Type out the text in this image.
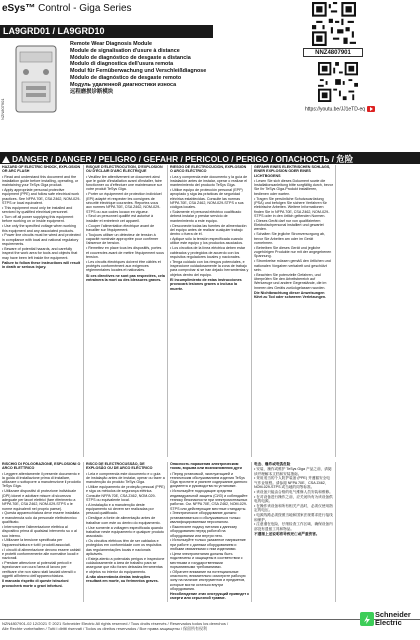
eSys™ Control - Giga Series
NZN807901
LA9GRD01 / LA9GRD10
Remote Wear Diagnosis Module
Module de signalisation d'usure à distance
Módulo de diagnóstico de desgaste a distancia
Modulo di diagnostica dell'usura remota
Modul für Fernüberwachung und Verschleißdiagnose
Módulo de diagnóstico de desgaste remoto
Модуль удаленной диагностики износа
远程磨损诊断模块
NNZ4807901
https://youtu.be/JJ1eTD-eq
DANGER / DANGER / PELIGRO / GEFAHR / PERICOLO / PERIGO / ОПАСНОСТЬ / 危险
HAZARD OF ELECTRIC SHOCK, EXPLOSION OR ARC FLASH

• Read and understand this document and the installation guide before installing, operating, or maintaining your TeSys Giga product.

• Apply appropriate personal protective equipment (PPE) and follow safe electrical work practices. See NFPA 70E, CSA Z462, NOM-029-STPS or local equivalent.

• This equipment must only be installed and serviced by qualified electrical personnel.

• Turn off all power supplying this equipment before working on or inside equipment.

• Use only the specified voltage when working this equipment and any associated products.

• Power line circuits must be wired and protected in compliance with local and national regulatory requirements.

• Beware of potential hazards, and carefully inspect the work area for tools and objects that may have been left inside the equipment.

Failure to follow these instructions will result in death or serious injury.
RISQUE D'ÉLECTROCUTION, D'EXPLOSION OU D'ÉCLAIR D'ARC ÉLECTRIQUE

• Veuillez lire attentivement ce document ainsi que le guide d'installation avant d'installer, faire fonctionner ou d'effectuer une maintenance sur votre produit TeSys Giga.

• Porter un équipement de protection individuel (EPI) adapté et respecter les consignes de sécurité électrique courantes. Reportez-vous aux normes NFPA 70E, CSA Z462, NOM-029-STPS ou aux codes locaux en vigueur.

• Seul un personnel qualifié est autorisé à installer et entretenir cet appareil.

• Couper l'alimentation électrique avant de travailler sur l'équipement.

• Toujours utiliser un détecteur de tension à capacité nominale appropriée pour confirmer l'absence de tension.

• Remettez en place tous les dispositifs, portes et couvercles avant de mettre l'équipement sous tension.

• Les circuits électriques doivent être câblés et protégés conformément aux exigences réglementaires locales et nationales.

Si ces directives ne sont pas respectées, cela entraînera la mort ou des blessures graves.
RIESGO DE ELECTROCUCIÓN, EXPLOSIÓN O ARCO ELÉCTRICO

• Lea y comprenda este documento y la guía de instalación antes de instalar, operar o realizar el mantenimiento del producto TeSys Giga.

• Utilice equipo de protección personal (EPP) apropiado y siga las prácticas de seguridad eléctrica establecidas. Consulte las normas NFPA 70E, CSA Z462, NOM-029-STPS o sus códigos locales.

• Solamente el personal eléctrico cualificado deberá instalar y prestar servicio de mantenimiento a este equipo.

• Desconecte todas las fuentes de alimentación del equipo antes de realizar cualquier trabajo dentro o fuera de él.

• Aplique sólo la tensión especificada cuando utilice este equipo y los productos asociados.

• Los circuitos de la línea eléctrica deben estar cableados y protegidos de acuerdo con los requisitos reguladores locales y nacionales.

• Tenga cuidado con los riesgos potenciales, e inspeccione cuidadosamente la zona de trabajo para comprobar si se han dejado herramientas y objetos dentro del equipo.

El incumplimiento de estas instrucciones provocará lesiones graves o incluso la muerte.
GEFAHR EINES ELEKTRISCHEN SCHLAGS, EINER EXPLOSION ODER EINES LICHTBOGENS

• Lesen Sie sich dieses Dokument sowie die Installationsanleitung bitte sorgfältig durch, bevor Sie Ihr TeSys Giga-Produkt installieren, bedienen oder warten.

• Tragen Sie persönliche Schutzausrüstung (PSA) und befolgen Sie sichere Verfahren für elektrische Arbeiten. Weitere Informationen finden Sie in NFPA 70E, CSA Z462, NOM-029-STPS oder in den örtlich geltenden Normen.

• Dieses Gerät darf nur von qualifiziertem Elektrofachpersonal installiert und gewartet werden.

• Schalten Sie jegliche Stromversorgung ab, bevor Sie Arbeiten am oder im Gerät vornehmen.

• Betreiben Sie dieses Gerät und jegliche zugehörigen Produkte nur mit der angegebenen Spannung.

• Stromkreise müssen gemäß den örtlichen und nationalen Vorgaben verkabelt und geschützt sein.

• Beachten Sie potenzielle Gefahren, und überprüfen Sie den Arbeitsbereich auf Werkzeuge und andere Gegenstände, die im Inneren des Geräts zurückgelassen wurden.

Die Nichtbeachtung dieser Anweisungen führt zu Tod oder schweren Verletzungen.
RISCHIO DI FOLGORAZIONE, ESPLOSIONI O ARCO ELETTRICO

• Leggere attentamente il presente documento e la guida di installazione prima di installare, utilizzare o sottoporre a manutenzione il prodotto TeSys Giga.

• Utilizzare dispositivi di protezione individuale (DPI) idonei e adottare misure di sicurezza adeguate per lavori elettrici (fare riferimento a NFPA 70E, CSA Z462, NOM-029-STPS o le norme equivalenti nel proprio paese).

• Questa apparecchiatura deve essere installata e manutenuta solo da personale elettrotecnico qualificato.

• Interrompere l'alimentazione elettrica al dispositivo prima di qualsiasi intervento su o al suo interno.

• Utilizzare la tensione specificata per l'apparecchiatura e tutti i prodotti associati.

• I circuiti di alimentazione devono essere cablati e protetti conformemente alle normative locali e nazionali.

• Prestare attenzione ai potenziali pericoli e ispezionare con cura l'area di lavoro per verificare che non siano stati lasciati utensili o oggetti all'interno dell'apparecchiatura.

Il mancato rispetto di queste istruzioni provocherà morte o gravi infortuni.
RISCO DE ELECTROCUSSÃO, DE EXPLOSÃO OU DE ARCO ELÉCTRICO

• Leia e compreenda este documento e o guia de instalação antes de instalar, operar ou fazer a manutenção do produto TeSys Giga.

• Utilize equipamento de proteção pessoal (PPE) e siga os métodos de segurança elétrica. Consulte NFPA 70E, CSA Z462, NOM-029-STPS ou equivalente local.

• A instalação e a manutenção deste equipamento só devem ser realizadas por pessoal qualificado.

• Desligue a fonte de alimentação antes de trabalhar com este ou dentro do equipamento.

• Use somente a voltagem especificada quando trabalhar neste equipamento e qualquer produto associado.

• Os circuitos elétricos têm de ser cablados e protegidos em conformidade com os requisitos das regulamentações locais e nacionais aplicáveis.

• Esteja atento a potenciais perigos e inspecione cuidadosamente a área de trabalho para se assegurar que não foram deixadas ferramentas e objetos no interior do equipamento.

A não observância destas instruções resultará em morte, ou ferimentos graves.
Опасность поражения электрическим током, взрыва или возникновения дуги

• Перед установкой, эксплуатацией и техническим обслуживанием изделия TeSys Giga прочтите и уясните содержание данного документа и руководства по установке.

• Используйте подходящие средства индивидуальной защиты (СИЗ) и соблюдайте технику безопасности при электромонтажных работах. См. NFPA 70E, CSA Z462, NOM-029-STPS или действующие местные стандарты.

• Электрическое оборудование должно устанавливаться и обслуживаться только квалифицированным персоналом.

• Выключите подачу питания к данному оборудованию перед работой на оборудовании или внутри него.

• Используйте только указанное напряжение при работе с данным оборудованием и любыми связанными с ним изделиями.

• Цепи электропитания должны быть подключены и защищены в соответствии с местными и государственными нормативными требованиями.

• Обратите внимание на потенциальные опасности, внимательно осмотрите рабочую зону на наличие инструментов и предметов, которые могли остаться внутри оборудования.

Несоблюдение этих инструкций приведет к смерти или серьезной травме.
电击、爆炸或电弧危险

• 安装、操作或维护 TeSys Giga 产品之前，请阅读并理解本文档和安装指南。

• 采用适当的个人防护装备 (PPE) 并遵循安全电气作业规程。请参阅 NFPA 70E、CSA Z462、NOM-029-STPS 或当地的同等标准。

• 该设备只能由合格的电气维修人员安装和维修。

• 在对设备进行操作之前，应关闭所有为该设备供电的电源。

• 在操作该设备和所有相关产品时，必须仅使用指定的电压。

• 电源线路必须按照当地和国家法规要求进行接线和保护。

• 注意潜在危险，仔细检查工作区域，确保设备内部没有遗留工具和物品。

不遵循上述说明将导致死亡或严重伤害。
NZN4807901-02 12/2021 © 2021 Schneider Electric All rights reserved / Tous droits réservés / Reservados todos los derechos /
Alle Rechte vorbehalten / Tutti i diritti riservati / Todos os direitos reservados / Все права защищены / 保留所有权利
Schneider
Electric
